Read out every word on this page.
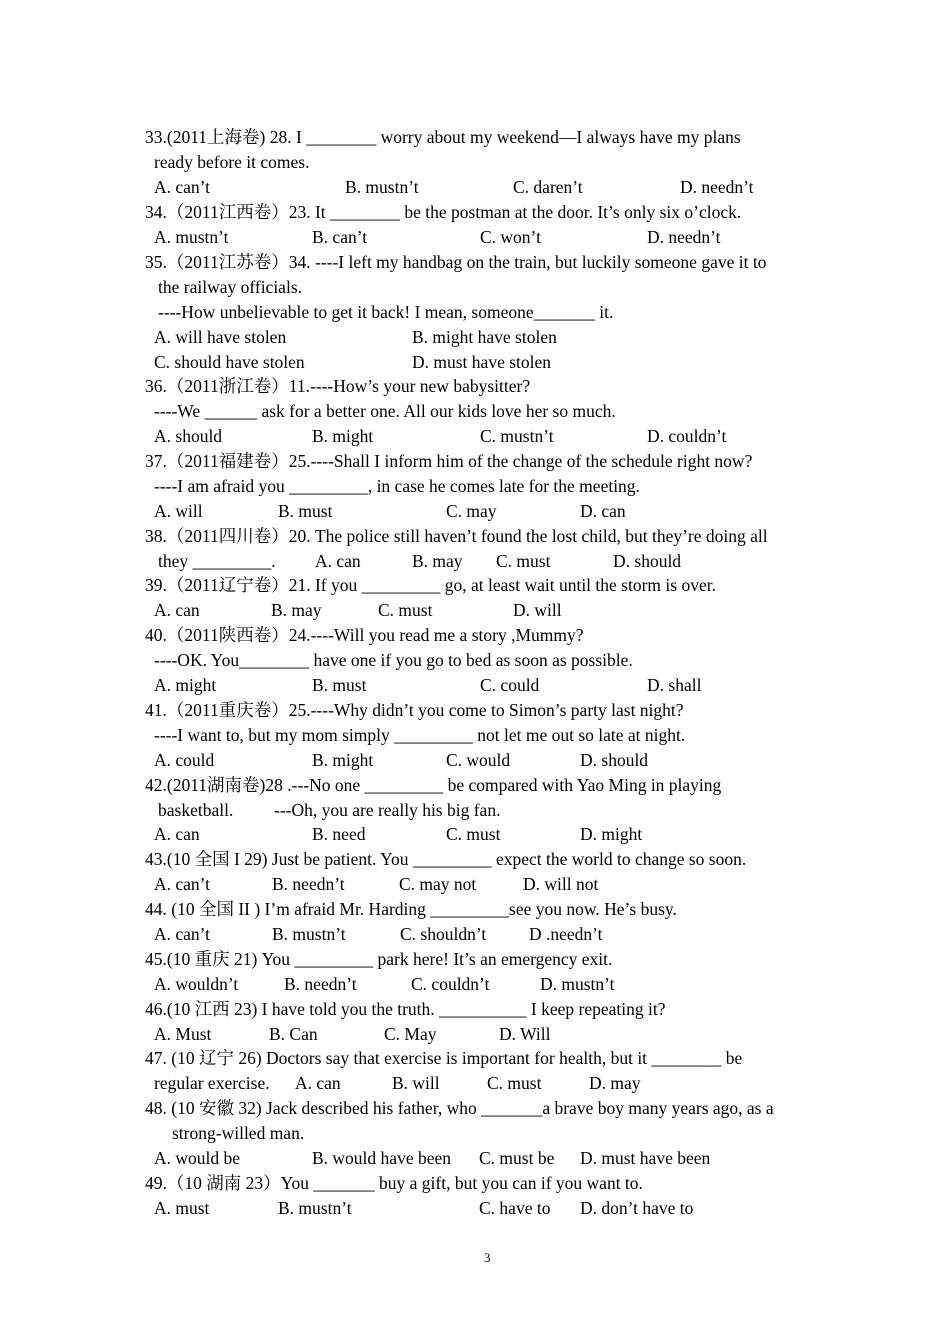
33.(2011上海卷) 28. I ________ worry about my weekend—I always have my plans
ready before it comes.
A. can’t	B. mustn’t	C. daren’t	D. needn’t
34.（2011江西卷）23. It ________ be the postman at the door. It’s only six o’clock.
A. mustn’t	B. can’t	C. won’t	D. needn’t
35.（2011江苏卷）34. ----I left my handbag on the train, but luckily someone gave it to
the railway officials.
----How unbelievable to get it back! I mean, someone_______ it.
A. will have stolen	B. might have stolen
C. should have stolen	D. must have stolen
36.（2011浙江卷）11.----How’s your new babysitter?
----We ______ ask for a better one. All our kids love her so much.
A. should	B. might	C. mustn’t	D. couldn’t
37.（2011福建卷）25.----Shall I inform him of the change of the schedule right now?
----I am afraid you _________, in case he comes late for the meeting.
A. will	B. must	C. may	D. can
38.（2011四川卷）20. The police still haven’t found the lost child, but they’re doing all
they _________. A. can	B. may C. must	D. should
39.（2011辽宁卷）21. If you _________ go, at least wait until the storm is over.
A. can	B. may	C. must	D. will
40.（2011陕西卷）24.----Will you read me a story ,Mummy?
----OK. You________ have one if you go to bed as soon as possible.
A. might	B. must	C. could	D. shall
41.（2011重庆卷）25.----Why didn’t you come to Simon’s party last night?
----I want to, but my mom simply _________ not let me out so late at night.
A. could	B. might	C. would	D. should
42.(2011湖南卷)28 .---No one _________ be compared with Yao Ming in playing
basketball. ---Oh, you are really his big fan.
A. can	B. need	C. must	D. might
43.(10 全国 I 29) Just be patient. You _________ expect the world to change so soon.
A. can’t	B. needn’t	C. may not	D. will not
44. (10 全国 II ) I’m afraid Mr. Harding _________see you now. He’s busy.
A. can’t	B. mustn’t	C. shouldn’t D .needn’t
45.(10 重庆 21) You _________ park here! It’s an emergency exit.
A. wouldn’t	B. needn’t	C. couldn’t	D. mustn’t
46.(10 江西 23) I have told you the truth. __________ I keep repeating it?
A. Must	B. Can	C. May	D. Will
47. (10 辽宁 26) Doctors say that exercise is important for health, but it ________ be
regular exercise. A. can	B. will	C. must	D. may
48. (10 安徽 32) Jack described his father, who _______a brave boy many years ago, as a
strong-willed man.
A. would be	B. would have been C. must be D. must have been
49.（10 湖南 23）You _______ buy a gift, but you can if you want to.
A. must	B. mustn’t	C. have to D. don’t have to
3
